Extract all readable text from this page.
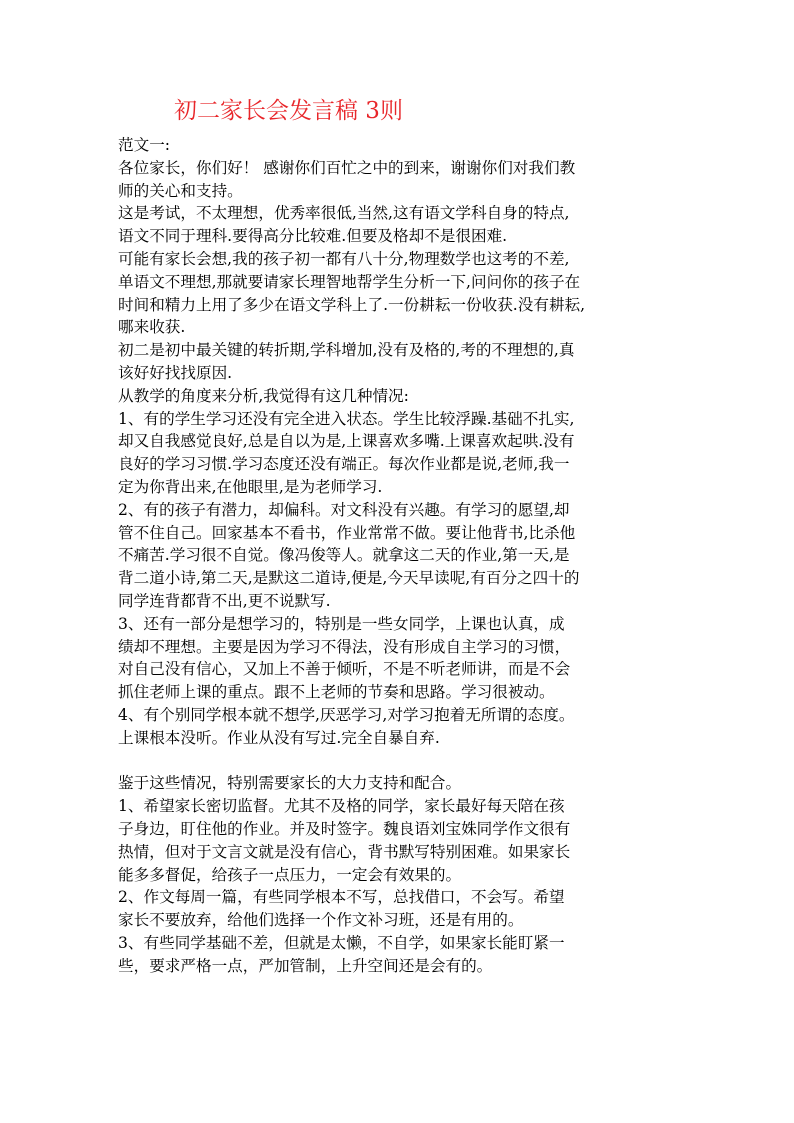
初二家长会发言稿 3则
范文一:
各位家长，你们好！ 感谢你们百忙之中的到来，谢谢你们对我们教
师的关心和支持。
这是考试，不太理想，优秀率很低,当然,这有语文学科自身的特点,
语文不同于理科.要得高分比较难.但要及格却不是很困难.
可能有家长会想,我的孩子初一都有八十分,物理数学也这考的不差,
单语文不理想,那就要请家长理智地帮学生分析一下,问问你的孩子在
时间和精力上用了多少在语文学科上了.一份耕耘一份收获.没有耕耘,
哪来收获.
初二是初中最关键的转折期,学科增加,没有及格的,考的不理想的,真
该好好找找原因.
从教学的角度来分析,我觉得有这几种情况:
1、有的学生学习还没有完全进入状态。学生比较浮躁.基础不扎实,
却又自我感觉良好,总是自以为是,上课喜欢多嘴.上课喜欢起哄.没有
良好的学习习惯.学习态度还没有端正。每次作业都是说,老师,我一
定为你背出来,在他眼里,是为老师学习.
2、有的孩子有潜力，却偏科。对文科没有兴趣。有学习的愿望,却
管不住自己。回家基本不看书，作业常常不做。要让他背书,比杀他
不痛苦.学习很不自觉。像冯俊等人。就拿这二天的作业,第一天,是
背二道小诗,第二天,是默这二道诗,便是,今天早读呢,有百分之四十的
同学连背都背不出,更不说默写.
3、还有一部分是想学习的，特别是一些女同学，上课也认真，成
绩却不理想。主要是因为学习不得法，没有形成自主学习的习惯，
对自己没有信心，又加上不善于倾听，不是不听老师讲，而是不会
抓住老师上课的重点。跟不上老师的节奏和思路。学习很被动。
4、有个别同学根本就不想学,厌恶学习,对学习抱着无所谓的态度。
上课根本没听。作业从没有写过.完全自暴自弃.
鉴于这些情况，特别需要家长的大力支持和配合。
1、希望家长密切监督。尤其不及格的同学，家长最好每天陪在孩
子身边，盯住他的作业。并及时签字。魏良语刘宝姝同学作文很有
热情，但对于文言文就是没有信心，背书默写特别困难。如果家长
能多多督促，给孩子一点压力，一定会有效果的。
2、作文每周一篇，有些同学根本不写，总找借口，不会写。希望
家长不要放弃，给他们选择一个作文补习班，还是有用的。
3、有些同学基础不差，但就是太懒，不自学，如果家长能盯紧一
些，要求严格一点，严加管制，上升空间还是会有的。
